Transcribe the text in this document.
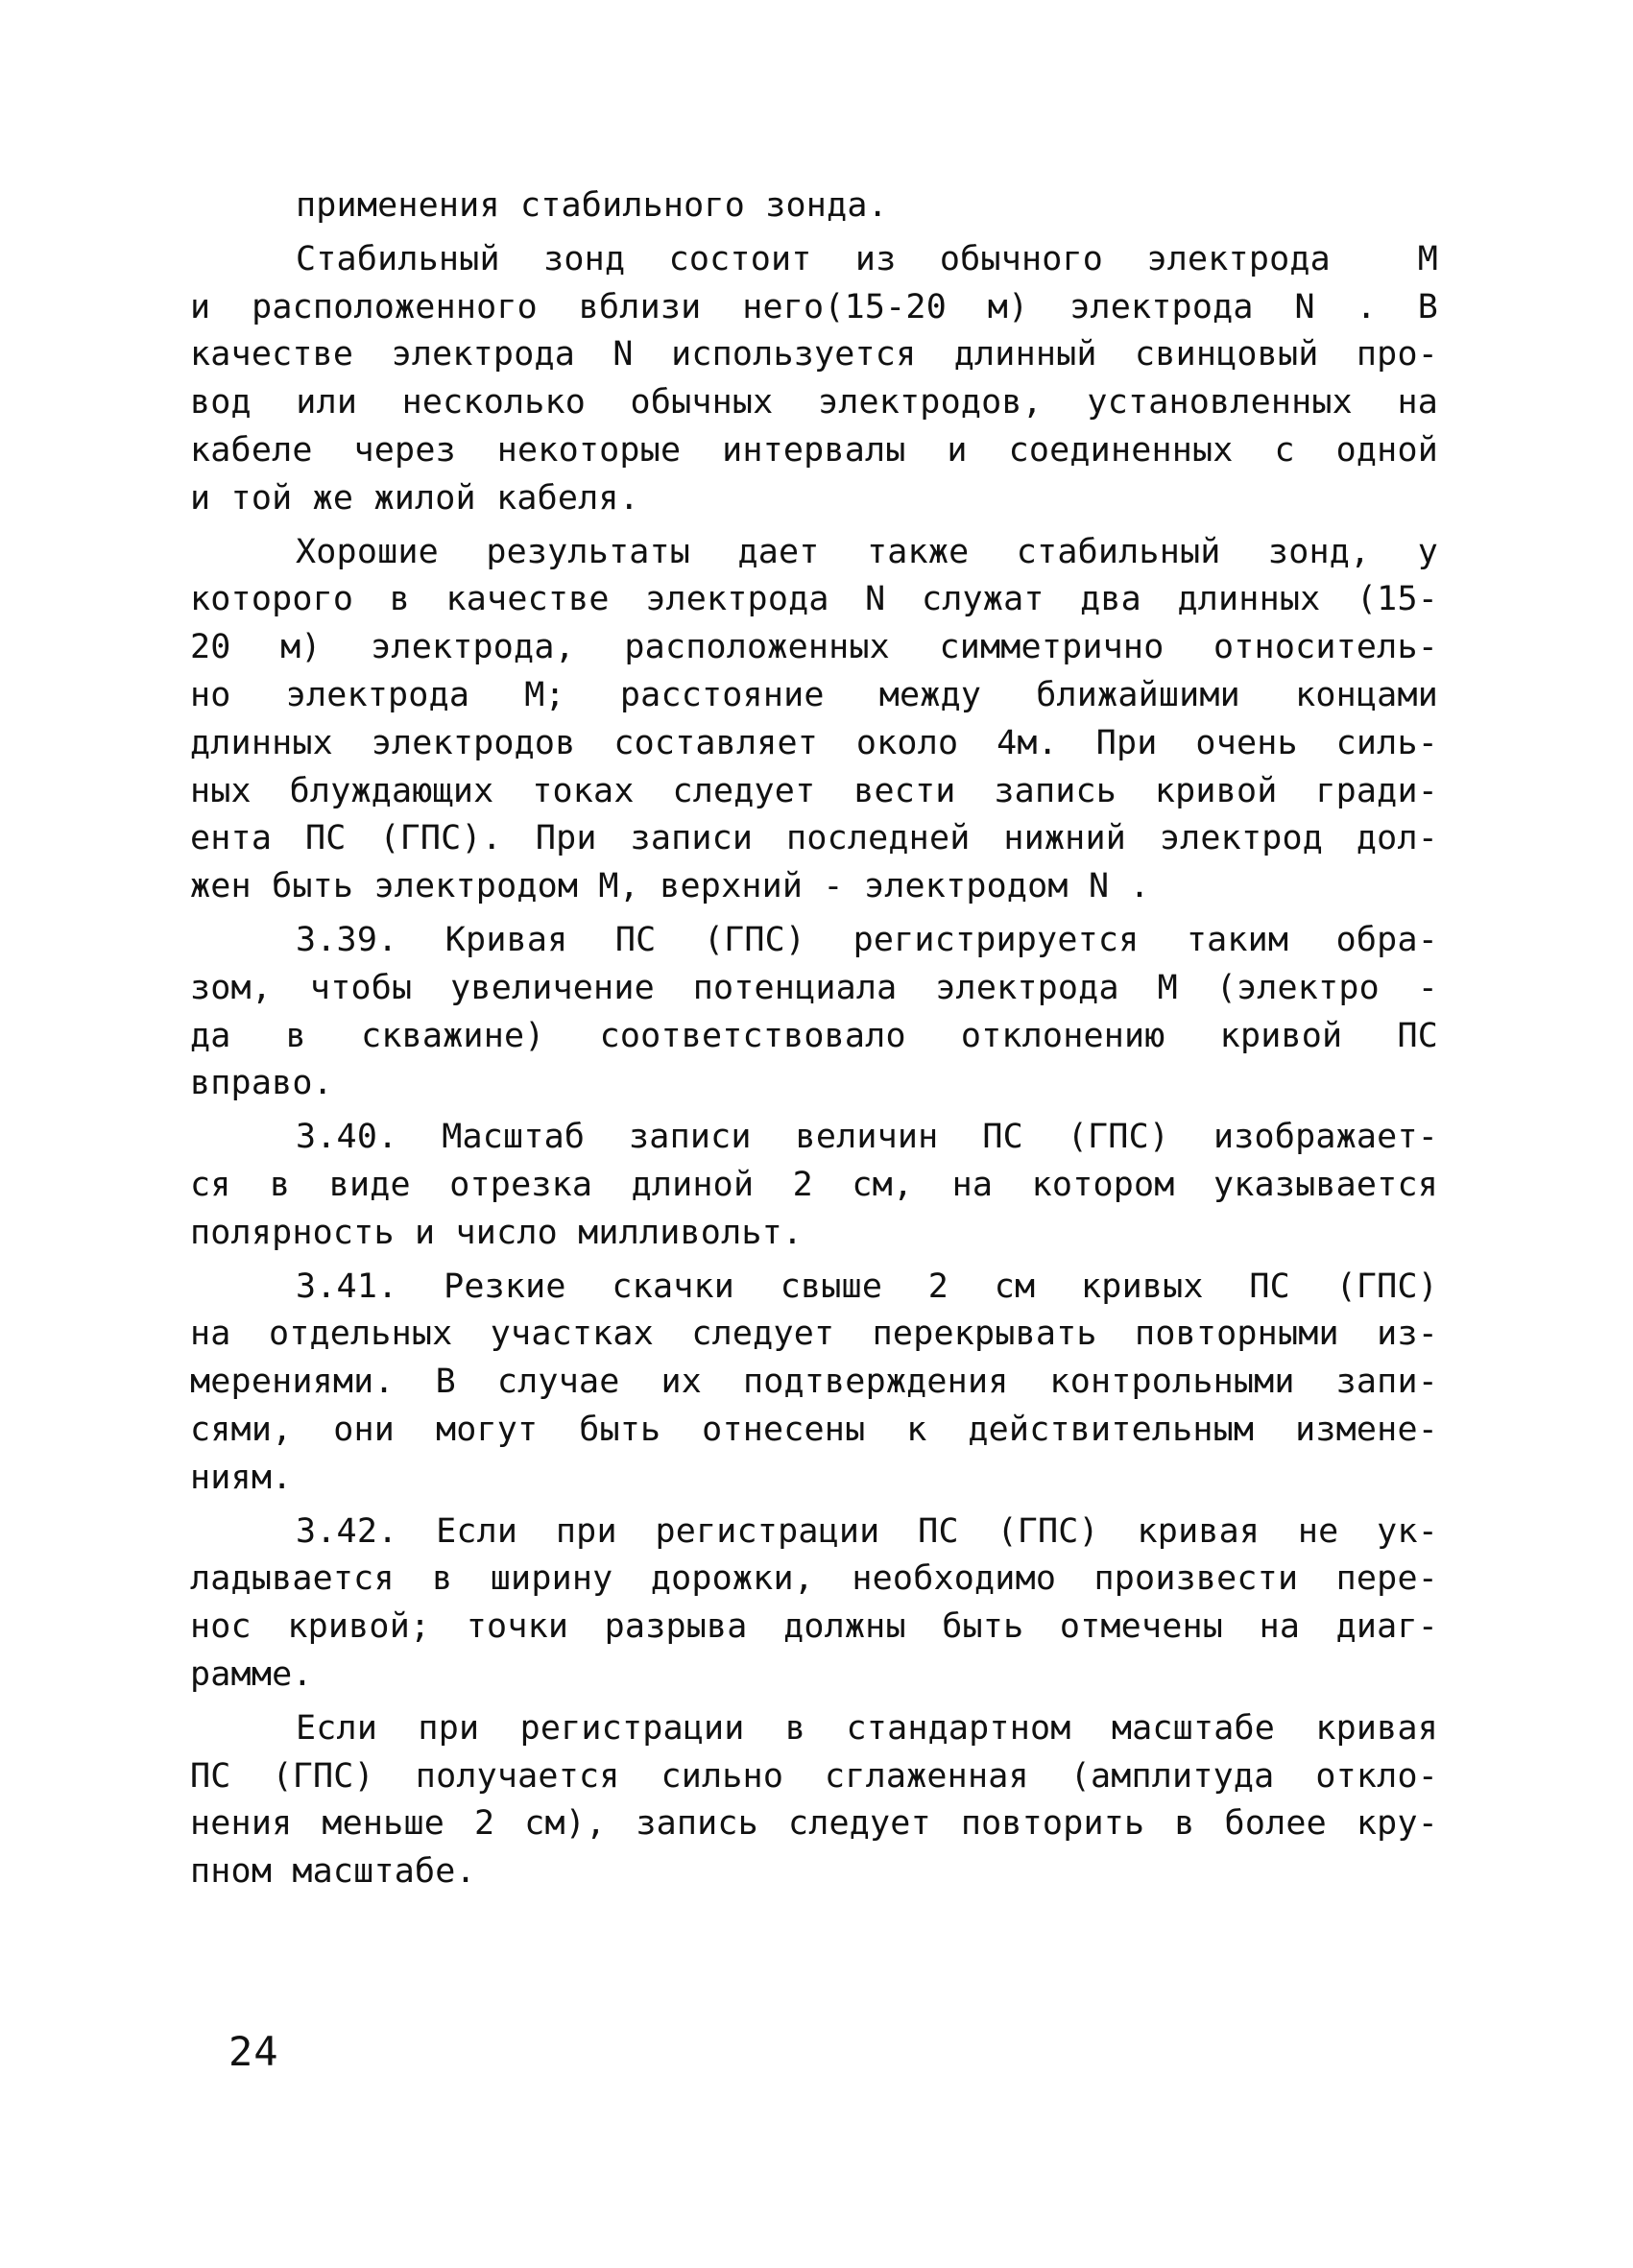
применения стабильного зонда.
Стабильный зонд состоит из обычного электрода  М
и расположенного вблизи него(15-20 м) электрода N . В
качестве электрода N используется длинный свинцовый про-
вод или несколько обычных электродов, установленных на
кабеле через некоторые интервалы и соединенных с одной
и той же жилой кабеля.
Хорошие результаты дает также стабильный зонд, у
которого в качестве электрода N служат два длинных (15-
20 м) электрода, расположенных симметрично относитель-
но электрода М; расстояние между ближайшими концами
длинных электродов составляет около 4м. При очень силь-
ных блуждающих токах следует вести запись кривой гради-
ента ПС (ГПС). При записи последней нижний электрод дол-
жен быть электродом М, верхний - электродом N .
3.39. Кривая ПС (ГПС) регистрируется таким обра-
зом, чтобы увеличение потенциала электрода М (электро -
да в скважине) соответствовало отклонению кривой ПС
вправо.
3.40. Масштаб записи величин ПС (ГПС) изображает-
ся в виде отрезка длиной 2 см, на котором указывается
полярность и число милливольт.
3.41. Резкие скачки свыше 2 см кривых ПС (ГПС)
на отдельных участках следует перекрывать повторными из-
мерениями. В случае их подтверждения контрольными запи-
сями, они могут быть отнесены к действительным измене-
ниям.
3.42. Если при регистрации ПС (ГПС) кривая не ук-
ладывается в ширину дорожки, необходимо произвести пере-
нос кривой; точки разрыва должны быть отмечены на диаг-
рамме.
Если при регистрации в стандартном масштабе кривая
ПС (ГПС) получается сильно сглаженная (амплитуда откло-
нения меньше 2 см), запись следует повторить в более кру-
пном масштабе.
24
